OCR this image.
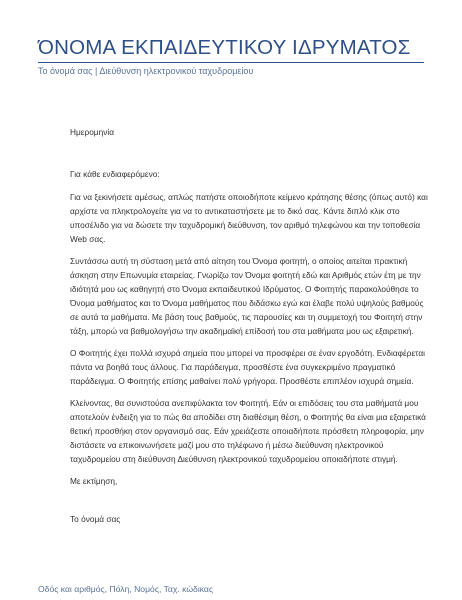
ΌΝΟΜΑ ΕΚΠΑΙΔΕΥΤΙΚΟΥ ΙΔΡΥΜΑΤΟΣ
Το όνομά σας | Διεύθυνση ηλεκτρονικού ταχυδρομείου

Ημερομηνία

Για κάθε ενδιαφερόμενο:

Για να ξεκινήσετε αμέσως, απλώς πατήστε οποιοδήποτε κείμενο κράτησης θέσης (όπως αυτό) και αρχίστε να πληκτρολογείτε για να το αντικαταστήσετε με το δικό σας. Κάντε διπλό κλικ στο υποσέλιδο για να δώσετε την ταχυδρομική διεύθυνση, τον αριθμό τηλεφώνου και την τοποθεσία Web σας.

Συντάσσω αυτή τη σύσταση μετά από αίτηση του Όνομα φοιτητή, ο οποίος αιτείται πρακτική άσκηση στην Επωνυμία εταιρείας. Γνωρίζω τον Όνομα φοιτητή εδώ και Αριθμός ετών έτη με την ιδιότητά μου ως καθηγητή στο Όνομα εκπαιδευτικού Ιδρύματος. Ο Φοιτητής παρακολούθησε το Όνομα μαθήματος και το Όνομα μαθήματος που διδάσκω εγώ και έλαβε πολύ υψηλούς βαθμούς σε αυτά τα μαθήματα. Με βάση τους βαθμούς, τις παρουσίες και τη συμμετοχή του Φοιτητή στην τάξη, μπορώ να βαθμολογήσω την ακαδημαϊκή επίδοσή του στα μαθήματα μου ως εξαιρετική.

Ο Φοιτητής έχει πολλά ισχυρά σημεία που μπορεί να προσφέρει σε έναν εργοδότη. Ενδιαφέρεται πάντα να βοηθά τους άλλους. Για παράδειγμα, προσθέστε ένα συγκεκριμένο πραγματικό παράδειγμα. Ο Φοιτητής επίσης μαθαίνει πολύ γρήγορα. Προσθέστε επιπλέον ισχυρά σημεία.

Κλείνοντας, θα συνιστούσα ανεπιφύλακτα τον Φοιτητή. Εάν οι επιδόσεις του στα μαθήματά μου αποτελούν ένδειξη για το πώς θα αποδίδει στη διαθέσιμη θέση, ο Φοιτητής θα είναι μια εξαιρετικά θετική προσθήκη στον οργανισμό σας. Εάν χρειάζεστε οποιαδήποτε πρόσθετη πληροφορία, μην διστάσετε να επικοινωνήσετε μαζί μου στο τηλέφωνο ή μέσω διεύθυνση ηλεκτρονικού ταχυδρομείου στη διεύθυνση Διεύθυνση ηλεκτρονικού ταχυδρομείου οποιαδήποτε στιγμή.

Με εκτίμηση,

Το όνομά σας

Οδός και αριθμός, Πόλη, Νομός, Ταχ. κώδικας
